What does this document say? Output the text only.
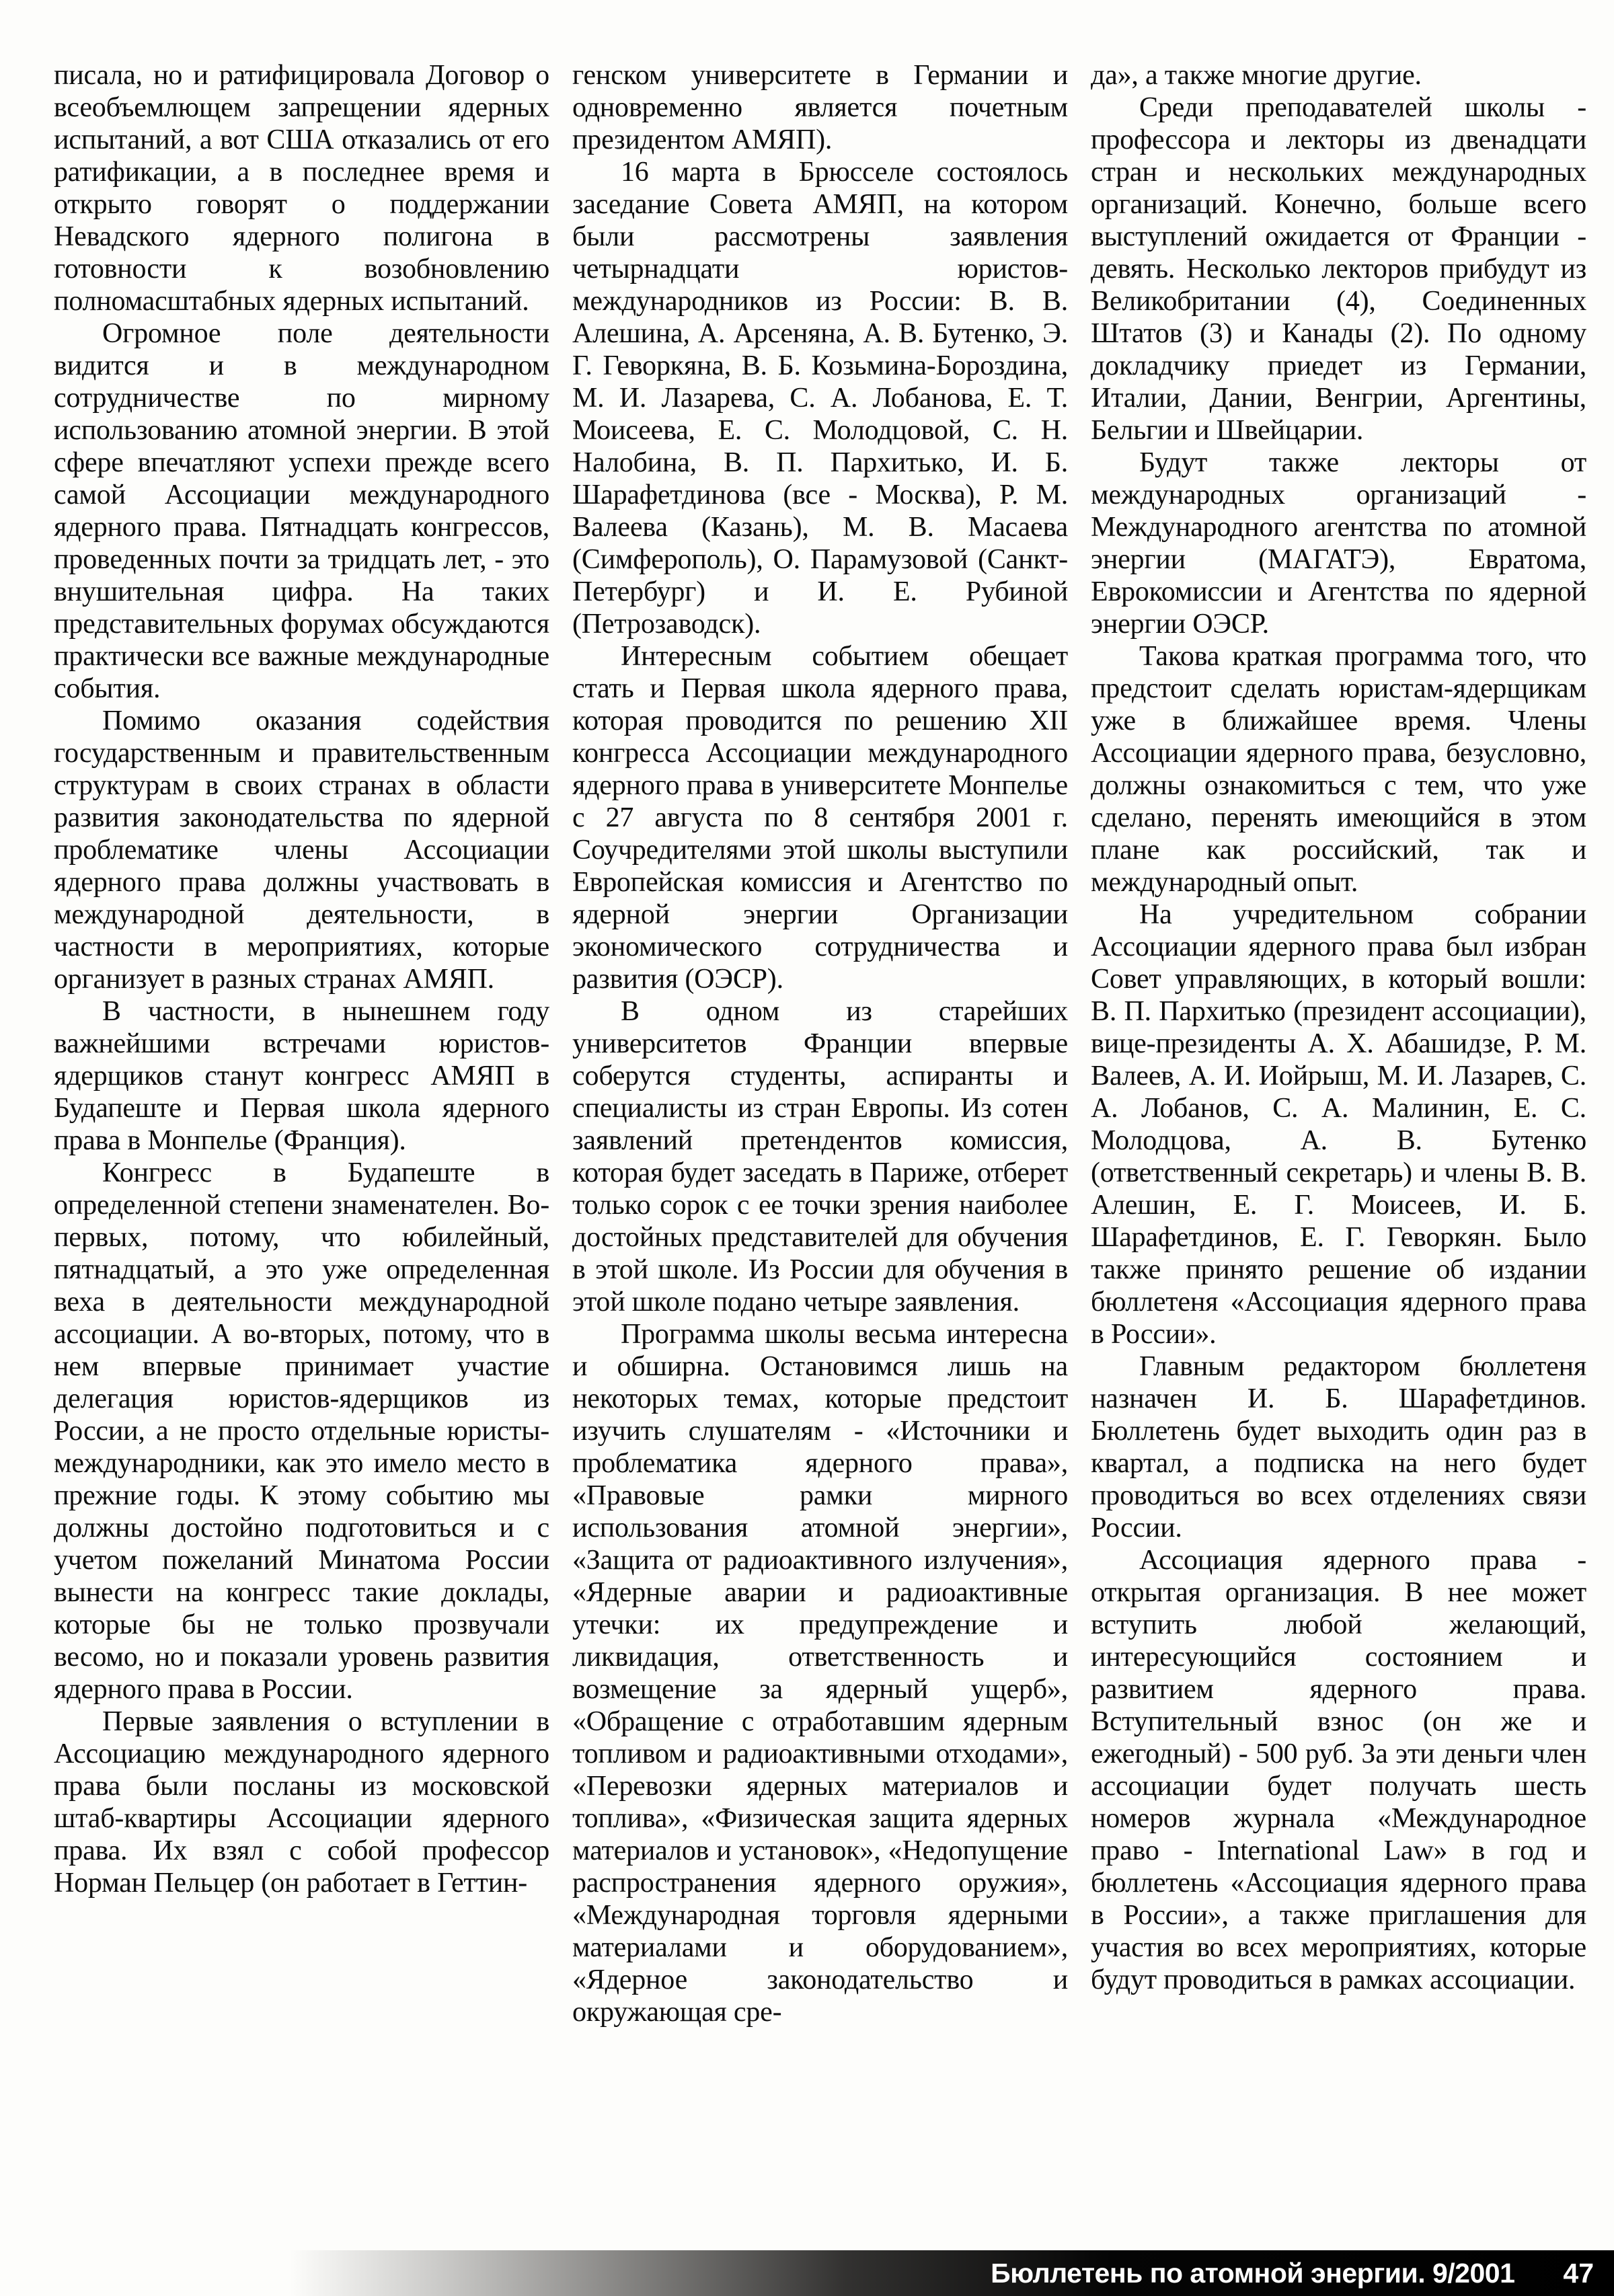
писала, но и ратифицировала Договор о всеобъемлющем запрещении ядерных испытаний, а вот США отказались от его ратификации, а в последнее время и открыто говорят о поддержании Невадского ядерного полигона в готовности к возобновлению полномасштабных ядерных испытаний.

Огромное поле деятельности видится и в международном сотрудничестве по мирному использованию атомной энергии. В этой сфере впечатляют успехи прежде всего самой Ассоциации международного ядерного права. Пятнадцать конгрессов, проведенных почти за тридцать лет, - это внушительная цифра. На таких представительных форумах обсуждаются практически все важные международные события.

Помимо оказания содействия государственным и правительственным структурам в своих странах в области развития законодательства по ядерной проблематике члены Ассоциации ядерного права должны участвовать в международной деятельности, в частности в мероприятиях, которые организует в разных странах АМЯП.

В частности, в нынешнем году важнейшими встречами юристов-ядерщиков станут конгресс АМЯП в Будапеште и Первая школа ядерного права в Монпелье (Франция).

Конгресс в Будапеште в определенной степени знаменателен. Во-первых, потому, что юбилейный, пятнадцатый, а это уже определенная веха в деятельности международной ассоциации. А во-вторых, потому, что в нем впервые принимает участие делегация юристов-ядерщиков из России, а не просто отдельные юристы-международники, как это имело место в прежние годы. К этому событию мы должны достойно подготовиться и с учетом пожеланий Минатома России вынести на конгресс такие доклады, которые бы не только прозвучали весомо, но и показали уровень развития ядерного права в России.

Первые заявления о вступлении в Ассоциацию международного ядерного права были посланы из московской штаб-квартиры Ассоциации ядерного права. Их взял с собой профессор Норман Пельцер (он работает в Геттин-

генском университете в Германии и одновременно является почетным президентом АМЯП).

16 марта в Брюсселе состоялось заседание Совета АМЯП, на котором были рассмотрены заявления четырнадцати юристов-международников из России: В. В. Алешина, А. Арсеняна, А. В. Бутенко, Э. Г. Геворкяна, В. Б. Козьмина-Бороздина, М. И. Лазарева, С. А. Лобанова, Е. Т. Моисеева, Е. С. Молодцовой, С. Н. Налобина, В. П. Пархитько, И. Б. Шарафетдинова (все - Москва), Р. М. Валеева (Казань), М. В. Масаева (Симферополь), О. Парамузовой (Санкт-Петербург) и И. Е. Рубиной (Петрозаводск).

Интересным событием обещает стать и Первая школа ядерного права, которая проводится по решению XII конгресса Ассоциации международного ядерного права в университете Монпелье с 27 августа по 8 сентября 2001 г. Соучредителями этой школы выступили Европейская комиссия и Агентство по ядерной энергии Организации экономического сотрудничества и развития (ОЭСР).

В одном из старейших университетов Франции впервые соберутся студенты, аспиранты и специалисты из стран Европы. Из сотен заявлений претендентов комиссия, которая будет заседать в Париже, отберет только сорок с ее точки зрения наиболее достойных представителей для обучения в этой школе. Из России для обучения в этой школе подано четыре заявления.

Программа школы весьма интересна и обширна. Остановимся лишь на некоторых темах, которые предстоит изучить слушателям - «Источники и проблематика ядерного права», «Правовые рамки мирного использования атомной энергии», «Защита от радиоактивного излучения», «Ядерные аварии и радиоактивные утечки: их предупреждение и ликвидация, ответственность и возмещение за ядерный ущерб», «Обращение с отработавшим ядерным топливом и радиоактивными отходами», «Перевозки ядерных материалов и топлива», «Физическая защита ядерных материалов и установок», «Недопущение распространения ядерного оружия», «Международная торговля ядерными материалами и оборудованием», «Ядерное законодательство и окружающая сре-

да», а также многие другие.

Среди преподавателей школы - профессора и лекторы из двенадцати стран и нескольких международных организаций. Конечно, больше всего выступлений ожидается от Франции - девять. Несколько лекторов прибудут из Великобритании (4), Соединенных Штатов (3) и Канады (2). По одному докладчику приедет из Германии, Италии, Дании, Венгрии, Аргентины, Бельгии и Швейцарии.

Будут также лекторы от международных организаций - Международного агентства по атомной энергии (МАГАТЭ), Евратома, Еврокомиссии и Агентства по ядерной энергии ОЭСР.

Такова краткая программа того, что предстоит сделать юристам-ядерщикам уже в ближайшее время. Члены Ассоциации ядерного права, безусловно, должны ознакомиться с тем, что уже сделано, перенять имеющийся в этом плане как российский, так и международный опыт.

На учредительном собрании Ассоциации ядерного права был избран Совет управляющих, в который вошли: В. П. Пархитько (президент ассоциации), вице-президенты А. Х. Абашидзе, Р. М. Валеев, А. И. Иойрыш, М. И. Лазарев, С. А. Лобанов, С. А. Малинин, Е. С. Молодцова, А. В. Бутенко (ответственный секретарь) и члены В. В. Алешин, Е. Г. Моисеев, И. Б. Шарафетдинов, Е. Г. Геворкян. Было также принято решение об издании бюллетеня «Ассоциация ядерного права в России».

Главным редактором бюллетеня назначен И. Б. Шарафетдинов. Бюллетень будет выходить один раз в квартал, а подписка на него будет проводиться во всех отделениях связи России.

Ассоциация ядерного права - открытая организация. В нее может вступить любой желающий, интересующийся состоянием и развитием ядерного права. Вступительный взнос (он же и ежегодный) - 500 руб. За эти деньги член ассоциации будет получать шесть номеров журнала «Международное право - International Law» в год и бюллетень «Ассоциация ядерного права в России», а также приглашения для участия во всех мероприятиях, которые будут проводиться в рамках ассоциации.

Бюллетень по атомной энергии. 9/2001 47
